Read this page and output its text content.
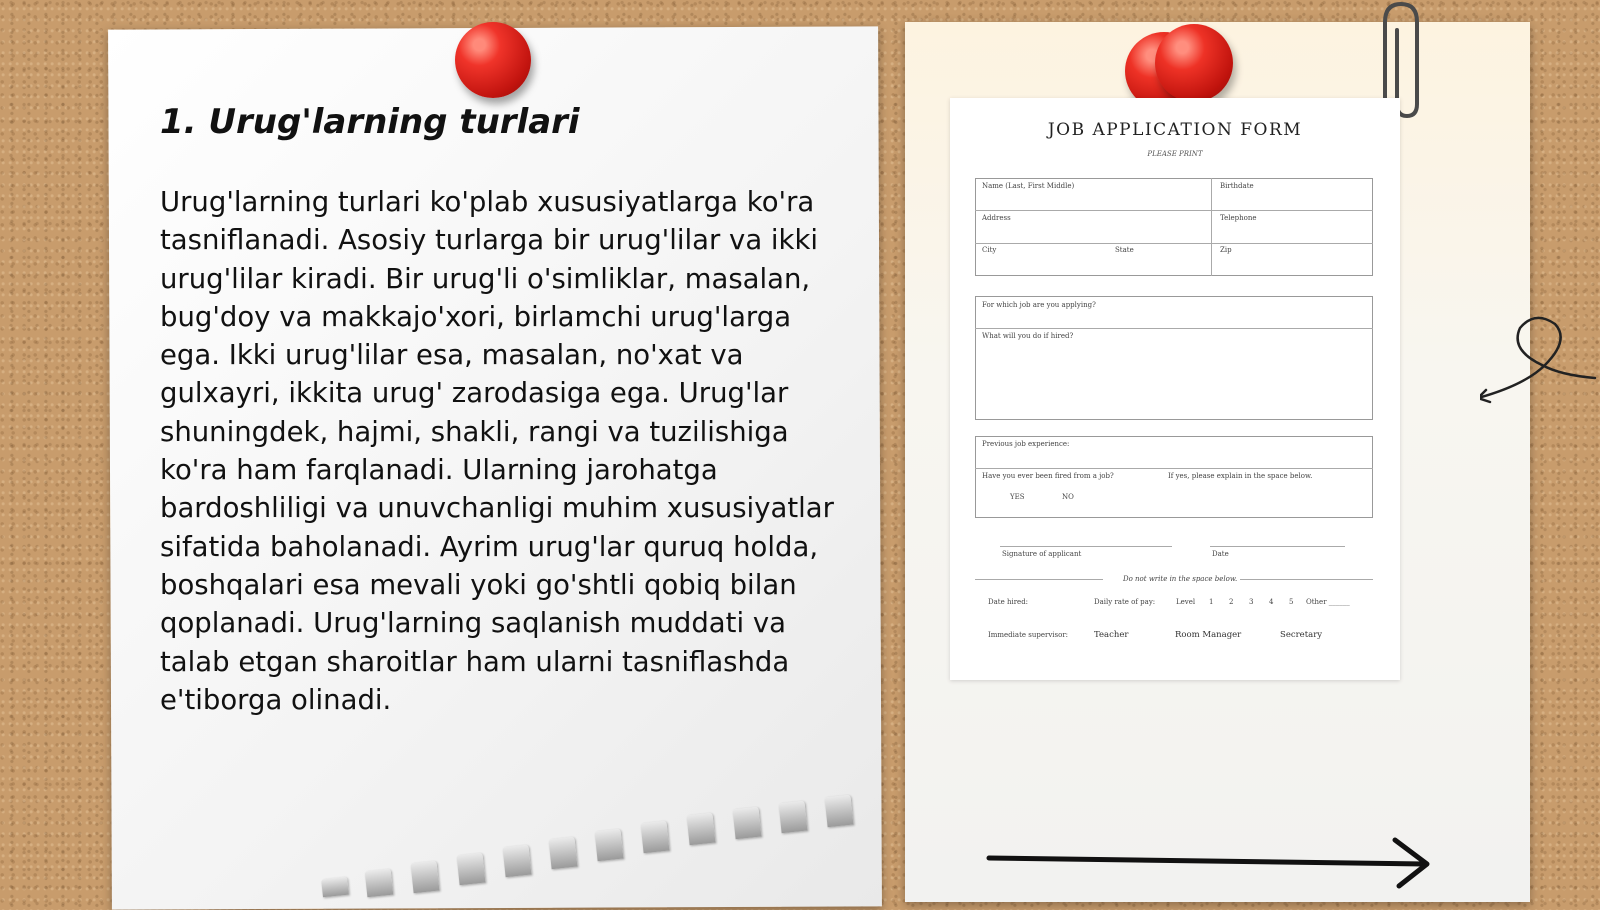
1. Urug'larning turlari

Urug'larning turlari ko'plab xususiyatlarga ko'ra tasniflanadi. Asosiy turlarga bir urug'lilar va ikki urug'lilar kiradi. Bir urug'li o'simliklar, masalan, bug'doy va makkajo'xori, birlamchi urug'larga ega. Ikki urug'lilar esa, masalan, no'xat va gulxayri, ikkita urug' zarodasiga ega. Urug'lar shuningdek, hajmi, shakli, rangi va tuzilishiga ko'ra ham farqlanadi. Ularning jarohatga bardoshliligi va unuvchanligi muhim xususiyatlar sifatida baholanadi. Ayrim urug'lar quruq holda, boshqalari esa mevali yoki go'shtli qobiq bilan qoplanadi. Urug'larning saqlanish muddati va talab etgan sharoitlar ham ularni tasniflashda e'tiborga olinadi.

JOB APPLICATION FORM
PLEASE PRINT
Name (Last, First Middle)	Birthdate
Address	Telephone
City	State	Zip
For which job are you applying?
What will you do if hired?
Previous job experience:
Have you ever been fired from a job?	If yes, please explain in the space below.
YES	NO
Signature of applicant	Date
Do not write in the space below.
Date hired:	Daily rate of pay:	Level 1 2 3 4 5 Other ______
Immediate supervisor:	Teacher	Room Manager	Secretary
